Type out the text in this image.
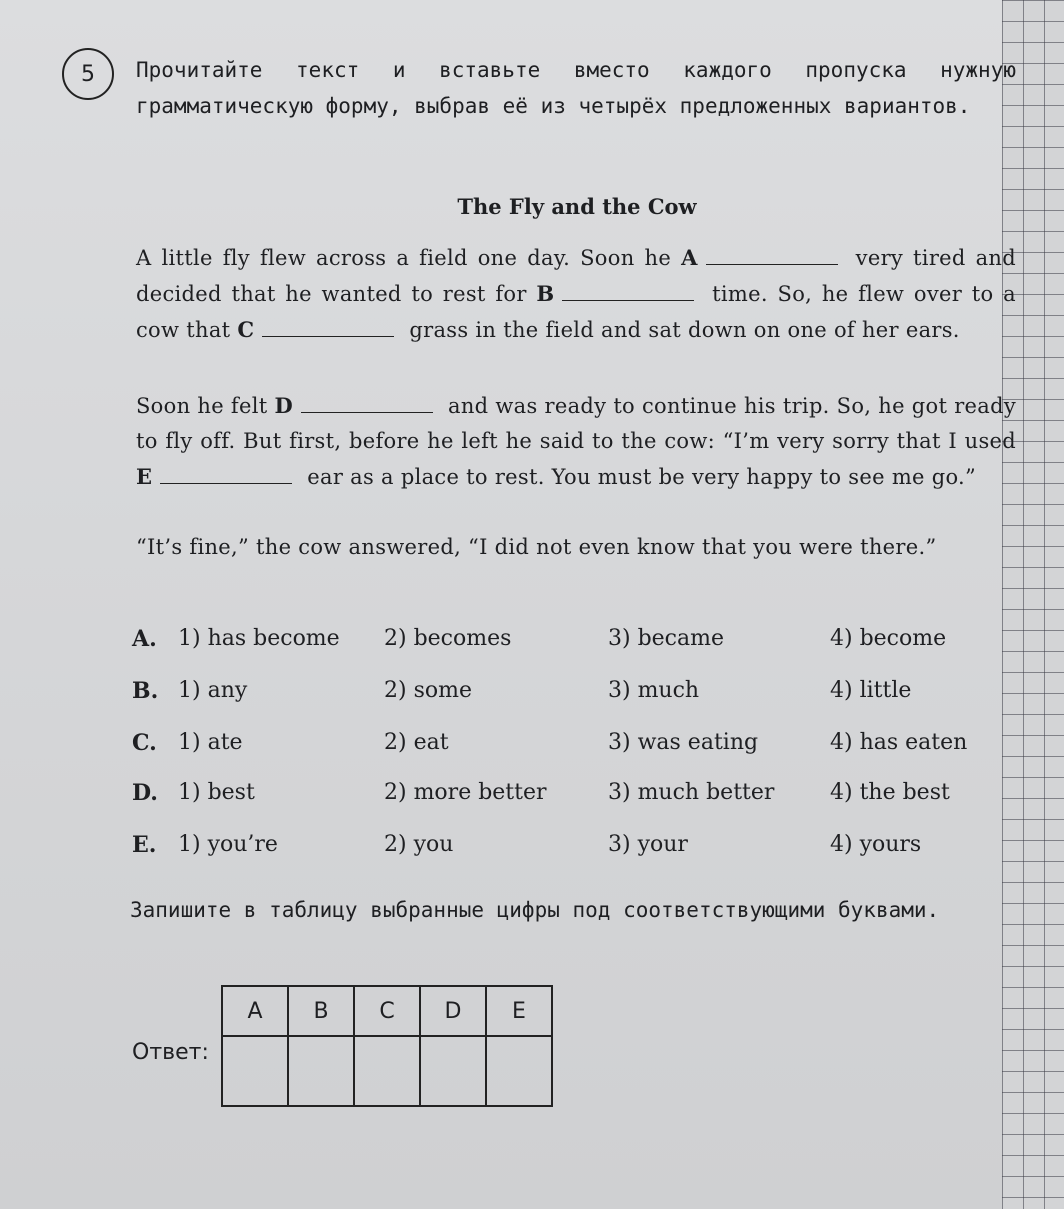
5 Прочитайте текст и вставьте вместо каждого пропуска нужную грамматическую форму, выбрав её из четырёх предложенных вариантов.

The Fly and the Cow

A little fly flew across a field one day. Soon he A	very tired and decided that he wanted to rest for B	time. So, he flew over to a cow that C	grass in the field and sat down on one of her ears.

Soon he felt D	and was ready to continue his trip. So, he got ready to fly off. But first, before he left he said to the cow: “I’m very sorry that I used E	ear as a place to rest. You must be very happy to see me go.”

“It’s fine,” the cow answered, “I did not even know that you were there.”

A. 1) has become 2) becomes	3) became	4) become
B. 1) any	2) some	3) much	4) little
C. 1) ate	2) eat	3) was eating	4) has eaten
D. 1) best	2) more better	3) much better	4) the best
E. 1) you’re	2) you	3) your	4) yours

Запишите в таблицу выбранные цифры под соответствующими буквами.

Ответ:
A	B	C	D	E
